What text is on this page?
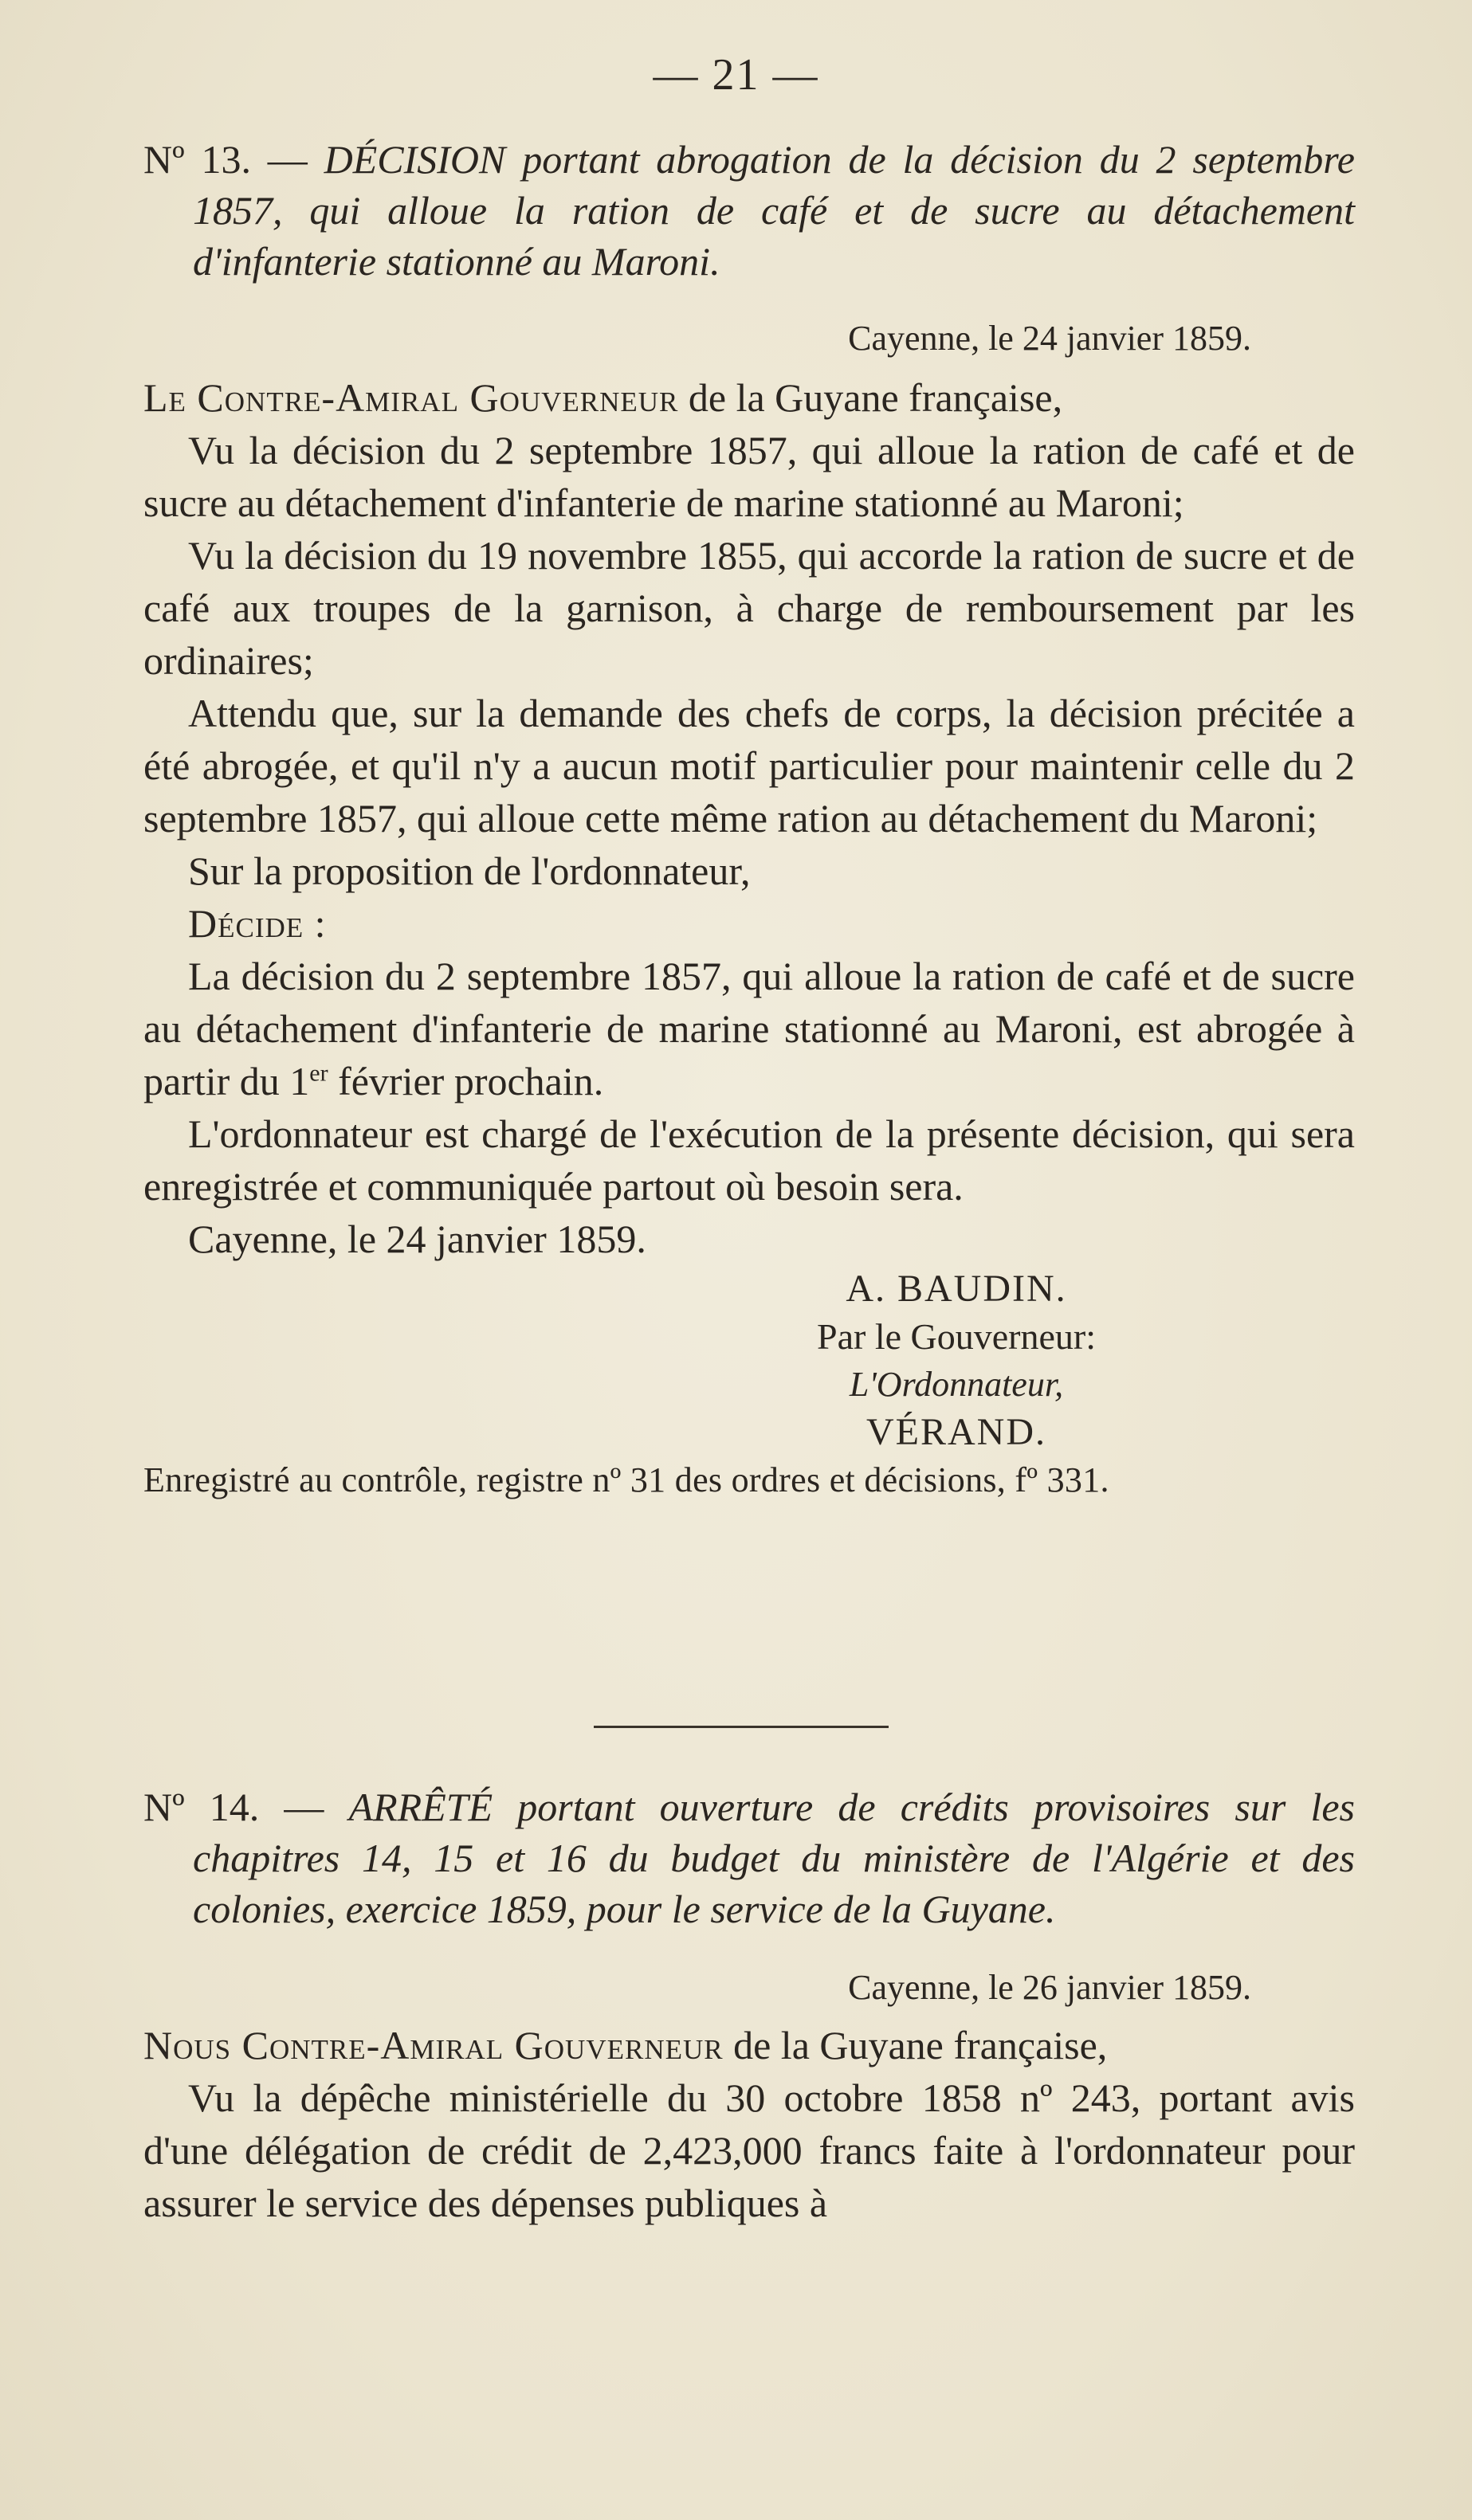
— 21 —

Nº 13. — DÉCISION portant abrogation de la décision du 2 septembre 1857, qui alloue la ration de café et de sucre au détachement d'infanterie stationné au Maroni.

Cayenne, le 24 janvier 1859.

Le Contre-Amiral Gouverneur de la Guyane française,

Vu la décision du 2 septembre 1857, qui alloue la ration de café et de sucre au détachement d'infanterie de marine stationné au Maroni;

Vu la décision du 19 novembre 1855, qui accorde la ration de sucre et de café aux troupes de la garnison, à charge de remboursement par les ordinaires;

Attendu que, sur la demande des chefs de corps, la décision précitée a été abrogée, et qu'il n'y a aucun motif particulier pour maintenir celle du 2 septembre 1857, qui alloue cette même ration au détachement du Maroni;

Sur la proposition de l'ordonnateur,

Décide :

La décision du 2 septembre 1857, qui alloue la ration de café et de sucre au détachement d'infanterie de marine stationné au Maroni, est abrogée à partir du 1er février prochain.

L'ordonnateur est chargé de l'exécution de la présente décision, qui sera enregistrée et communiquée partout où besoin sera.

Cayenne, le 24 janvier 1859.

A. BAUDIN.

Par le Gouverneur:

L'Ordonnateur,

VÉRAND.

Enregistré au contrôle, registre nº 31 des ordres et décisions, fº 331.

Nº 14. — ARRÊTÉ portant ouverture de crédits provisoires sur les chapitres 14, 15 et 16 du budget du ministère de l'Algérie et des colonies, exercice 1859, pour le service de la Guyane.

Cayenne, le 26 janvier 1859.

Nous Contre-Amiral Gouverneur de la Guyane française,

Vu la dépêche ministérielle du 30 octobre 1858 nº 243, portant avis d'une délégation de crédit de 2,423,000 francs faite à l'ordonnateur pour assurer le service des dépenses publiques à
